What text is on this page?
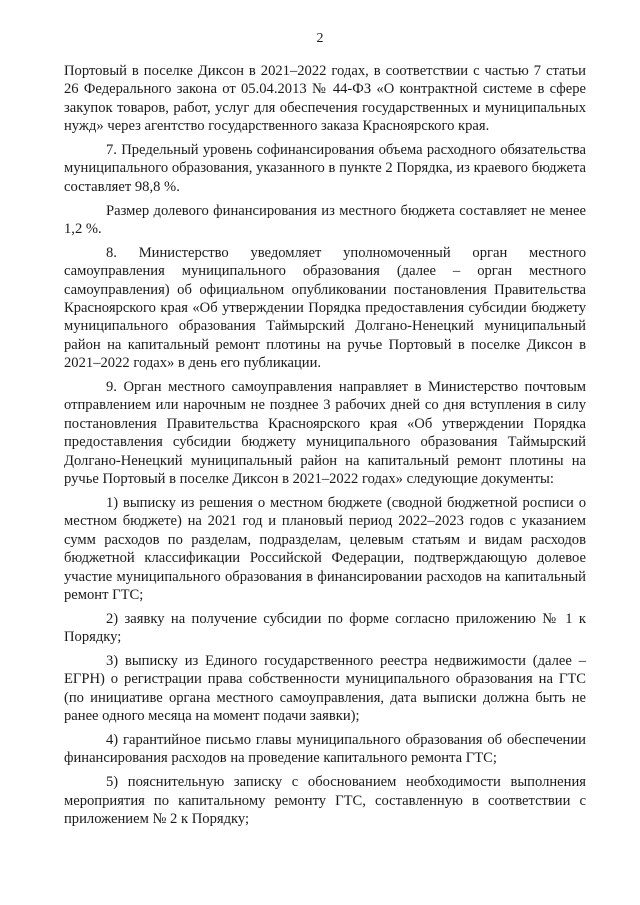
2

Портовый в поселке Диксон в 2021–2022 годах, в соответствии с частью 7 статьи 26 Федерального закона от 05.04.2013 № 44-ФЗ «О контрактной системе в сфере закупок товаров, работ, услуг для обеспечения государственных и муниципальных нужд» через агентство государственного заказа Красноярского края.

7. Предельный уровень софинансирования объема расходного обязательства муниципального образования, указанного в пункте 2 Порядка, из краевого бюджета составляет 98,8 %.

Размер долевого финансирования из местного бюджета составляет не менее 1,2 %.

8. Министерство уведомляет уполномоченный орган местного самоуправления муниципального образования (далее – орган местного самоуправления) об официальном опубликовании постановления Правительства Красноярского края «Об утверждении Порядка предоставления субсидии бюджету муниципального образования Таймырский Долгано-Ненецкий муниципальный район на капитальный ремонт плотины на ручье Портовый в поселке Диксон в 2021–2022 годах» в день его публикации.

9. Орган местного самоуправления направляет в Министерство почтовым отправлением или нарочным не позднее 3 рабочих дней со дня вступления в силу постановления Правительства Красноярского края «Об утверждении Порядка предоставления субсидии бюджету муниципального образования Таймырский Долгано-Ненецкий муниципальный район на капитальный ремонт плотины на ручье Портовый в поселке Диксон в 2021–2022 годах» следующие документы:

1) выписку из решения о местном бюджете (сводной бюджетной росписи о местном бюджете) на 2021 год и плановый период 2022–2023 годов с указанием сумм расходов по разделам, подразделам, целевым статьям и видам расходов бюджетной классификации Российской Федерации, подтверждающую долевое участие муниципального образования в финансировании расходов на капитальный ремонт ГТС;

2) заявку на получение субсидии по форме согласно приложению № 1 к Порядку;

3) выписку из Единого государственного реестра недвижимости (далее – ЕГРН) о регистрации права собственности муниципального образования на ГТС (по инициативе органа местного самоуправления, дата выписки должна быть не ранее одного месяца на момент подачи заявки);

4) гарантийное письмо главы муниципального образования об обеспечении финансирования расходов на проведение капитального ремонта ГТС;

5) пояснительную записку с обоснованием необходимости выполнения мероприятия по капитальному ремонту ГТС, составленную в соответствии с приложением № 2 к Порядку;
